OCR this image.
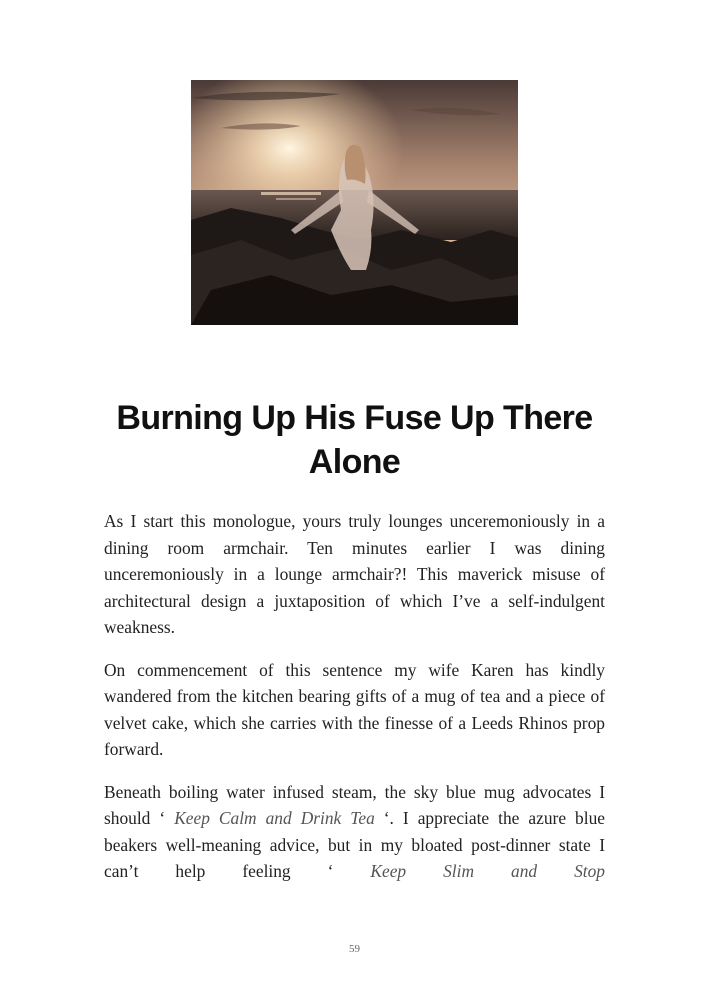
Burning Up His Fuse Up There Alone

As I start this monologue, yours truly lounges unceremoniously in a dining room armchair. Ten minutes earlier I was dining unceremoniously in a lounge armchair?! This maverick misuse of architectural design a juxtaposition of which I’ve a self-indulgent weakness.

On commencement of this sentence my wife Karen has kindly wandered from the kitchen bearing gifts of a mug of tea and a piece of velvet cake, which she carries with the finesse of a Leeds Rhinos prop forward.

Beneath boiling water infused steam, the sky blue mug advocates I should ‘ Keep Calm and Drink Tea ‘. I appreciate the azure blue beakers well-meaning advice, but in my bloated post-dinner state I can’t help feeling ‘ Keep Slim and Stop

59
